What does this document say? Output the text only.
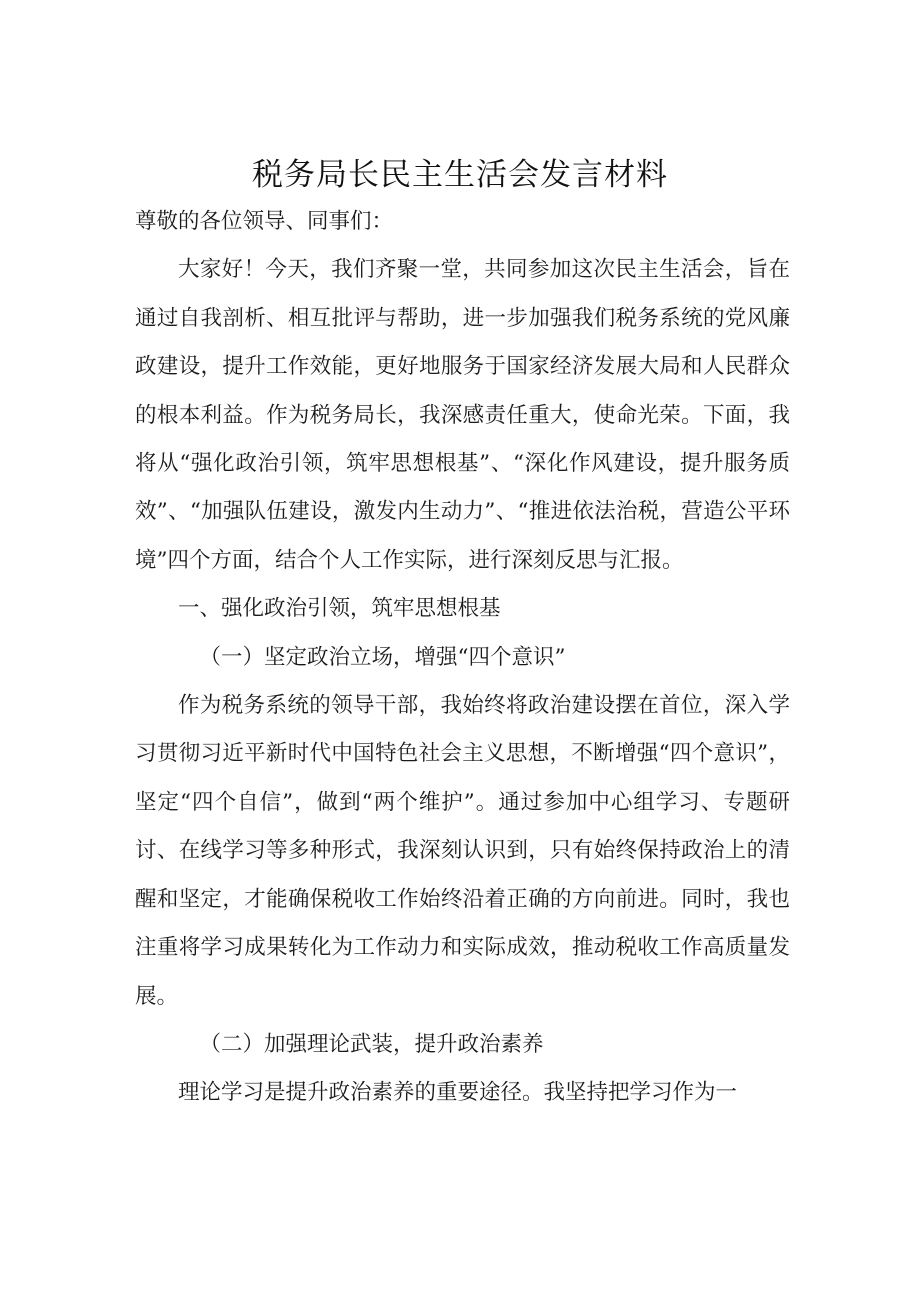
税务局长民主生活会发言材料

尊敬的各位领导、同事们：

大家好！今天，我们齐聚一堂，共同参加这次民主生活会，旨在通过自我剖析、相互批评与帮助，进一步加强我们税务系统的党风廉政建设，提升工作效能，更好地服务于国家经济发展大局和人民群众的根本利益。作为税务局长，我深感责任重大，使命光荣。下面，我将从“强化政治引领，筑牢思想根基”、“深化作风建设，提升服务质效”、“加强队伍建设，激发内生动力”、“推进依法治税，营造公平环境”四个方面，结合个人工作实际，进行深刻反思与汇报。

一、强化政治引领，筑牢思想根基

（一）坚定政治立场，增强“四个意识”

作为税务系统的领导干部，我始终将政治建设摆在首位，深入学习贯彻习近平新时代中国特色社会主义思想，不断增强“四个意识”，坚定“四个自信”，做到“两个维护”。通过参加中心组学习、专题研讨、在线学习等多种形式，我深刻认识到，只有始终保持政治上的清醒和坚定，才能确保税收工作始终沿着正确的方向前进。同时，我也注重将学习成果转化为工作动力和实际成效，推动税收工作高质量发展。

（二）加强理论武装，提升政治素养

理论学习是提升政治素养的重要途径。我坚持把学习作为一
